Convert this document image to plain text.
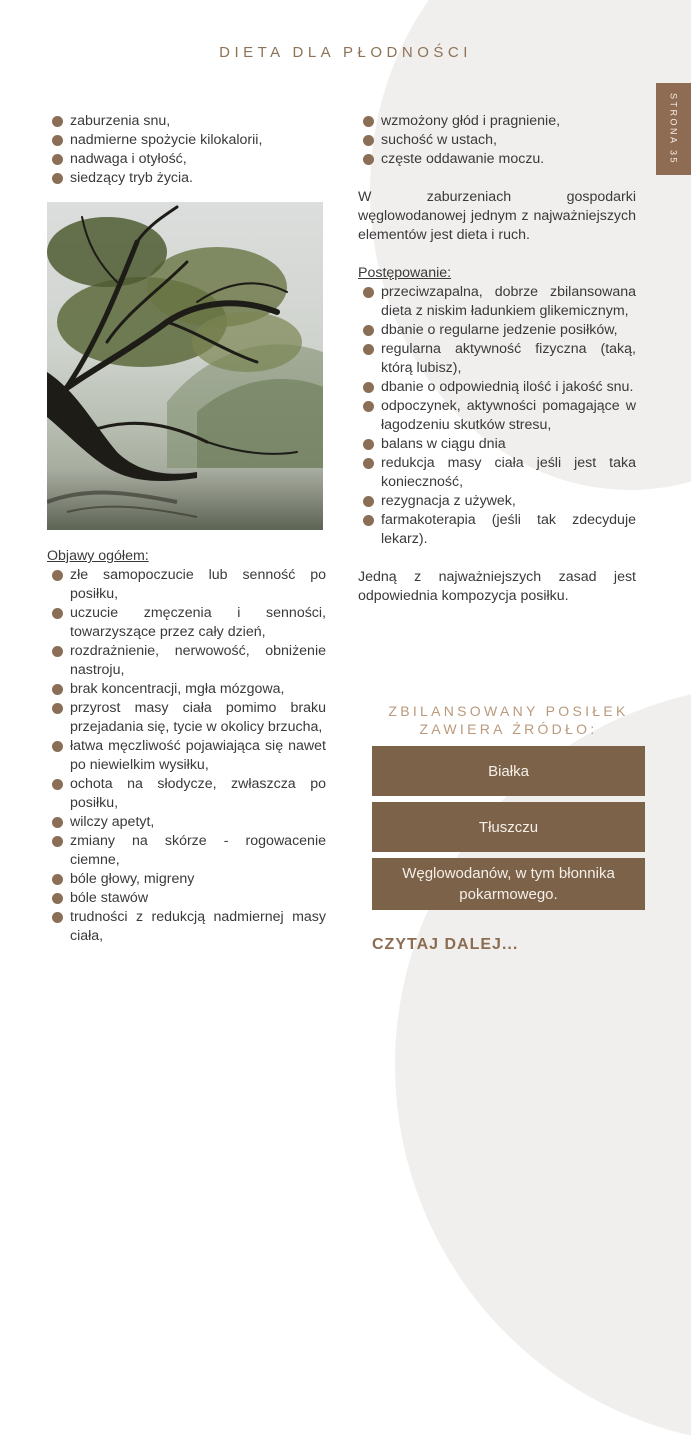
DIETA DLA PŁODNOŚCI
STRONA 35
zaburzenia snu,
nadmierne spożycie kilokalorii,
nadwaga i otyłość,
siedzący tryb życia.
Objawy ogółem:
złe samopoczucie lub senność po posiłku,
uczucie zmęczenia i senności, towarzyszące przez cały dzień,
rozdrażnienie, nerwowość, obniżenie nastroju,
brak koncentracji, mgła mózgowa,
przyrost masy ciała pomimo braku przejadania się, tycie w okolicy brzucha,
łatwa męczliwość pojawiająca się nawet po niewielkim wysiłku,
ochota na słodycze, zwłaszcza po posiłku,
wilczy apetyt,
zmiany na skórze - rogowacenie ciemne,
bóle głowy, migreny
bóle stawów
trudności z redukcją nadmiernej masy ciała,
wzmożony głód i pragnienie,
suchość w ustach,
częste oddawanie moczu.

W zaburzeniach gospodarki węglowodanowej jednym z najważniejszych elementów jest dieta i ruch.

Postępowanie:
przeciwzapalna, dobrze zbilansowana dieta z niskim ładunkiem glikemicznym,
dbanie o regularne jedzenie posiłków,
regularna aktywność fizyczna (taką, którą lubisz),
dbanie o odpowiednią ilość i jakość snu.
odpoczynek, aktywności pomagające w łagodzeniu skutków stresu,
balans w ciągu dnia
redukcja masy ciała jeśli jest taka konieczność,
rezygnacja z używek,
farmakoterapia (jeśli tak zdecyduje lekarz).

Jedną z najważniejszych zasad jest odpowiednia kompozycja posiłku.

ZBILANSOWANY POSIŁEK ZAWIERA ŹRÓDŁO:
Białka
Tłuszczu
Węglowodanów, w tym błonnika pokarmowego.
CZYTAJ DALEJ...
